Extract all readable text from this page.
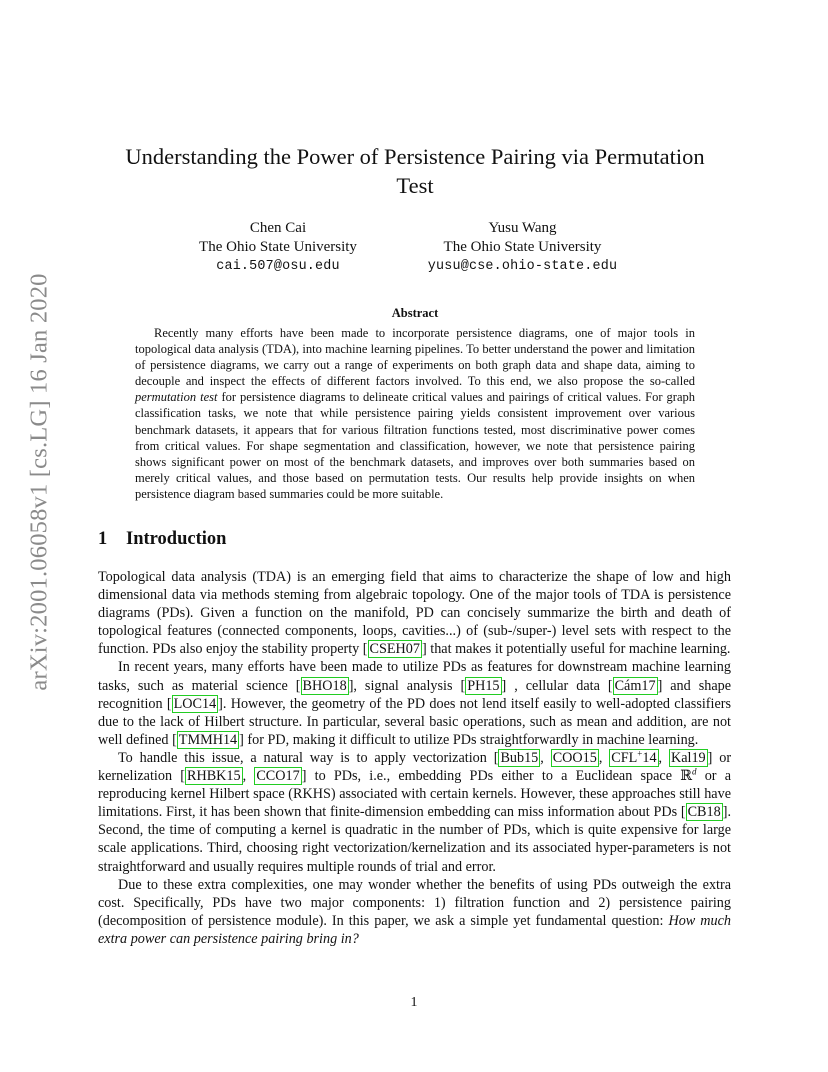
arXiv:2001.06058v1 [cs.LG] 16 Jan 2020
Understanding the Power of Persistence Pairing via Permutation
Test
Chen Cai
The Ohio State University
cai.507@osu.edu
Yusu Wang
The Ohio State University
yusu@cse.ohio-state.edu
Abstract
Recently many efforts have been made to incorporate persistence diagrams, one of major tools in topological data analysis (TDA), into machine learning pipelines. To better understand the power and limitation of persistence diagrams, we carry out a range of experiments on both graph data and shape data, aiming to decouple and inspect the effects of different factors involved. To this end, we also propose the so-called permutation test for persistence diagrams to delineate critical values and pairings of critical values. For graph classification tasks, we note that while persistence pairing yields consistent improvement over various benchmark datasets, it appears that for various filtration functions tested, most discriminative power comes from critical values. For shape segmentation and classification, however, we note that persistence pairing shows significant power on most of the benchmark datasets, and improves over both summaries based on merely critical values, and those based on permutation tests. Our results help provide insights on when persistence diagram based summaries could be more suitable.
1 Introduction

Topological data analysis (TDA) is an emerging field that aims to characterize the shape of low and high dimensional data via methods steming from algebraic topology. One of the major tools of TDA is persistence diagrams (PDs). Given a function on the manifold, PD can concisely summarize the birth and death of topological features (connected components, loops, cavities...) of (sub-/super-) level sets with respect to the function. PDs also enjoy the stability property [ CSEH07 ] that makes it potentially useful for machine learning.

In recent years, many efforts have been made to utilize PDs as features for downstream machine learning tasks, such as material science [ BHO18 ], signal analysis [ PH15 ] , cellular data [ Cám17 ] and shape recognition [ LOC14 ]. However, the geometry of the PD does not lend itself easily to well-adopted classifiers due to the lack of Hilbert structure. In particular, several basic operations, such as mean and addition, are not well defined [ TMMH14 ] for PD, making it difficult to utilize PDs straightforwardly in machine learning.

To handle this issue, a natural way is to apply vectorization [ Bub15 , COO15 , CFL+14 , Kal19 ] or kernelization [ RHBK15 , CCO17 ] to PDs, i.e., embedding PDs either to a Euclidean space ℝ$^d$ or a reproducing kernel Hilbert space (RKHS) associated with certain kernels. However, these approaches still have limitations. First, it has been shown that finite-dimension embedding can miss information about PDs [ CB18 ]. Second, the time of computing a kernel is quadratic in the number of PDs, which is quite expensive for large scale applications. Third, choosing right vectorization/kernelization and its associated hyper-parameters is not straightforward and usually requires multiple rounds of trial and error.

Due to these extra complexities, one may wonder whether the benefits of using PDs outweigh the extra cost. Specifically, PDs have two major components: 1) filtration function and 2) persistence pairing (decomposition of persistence module). In this paper, we ask a simple yet fundamental question: How much extra power can persistence pairing bring in?

1
